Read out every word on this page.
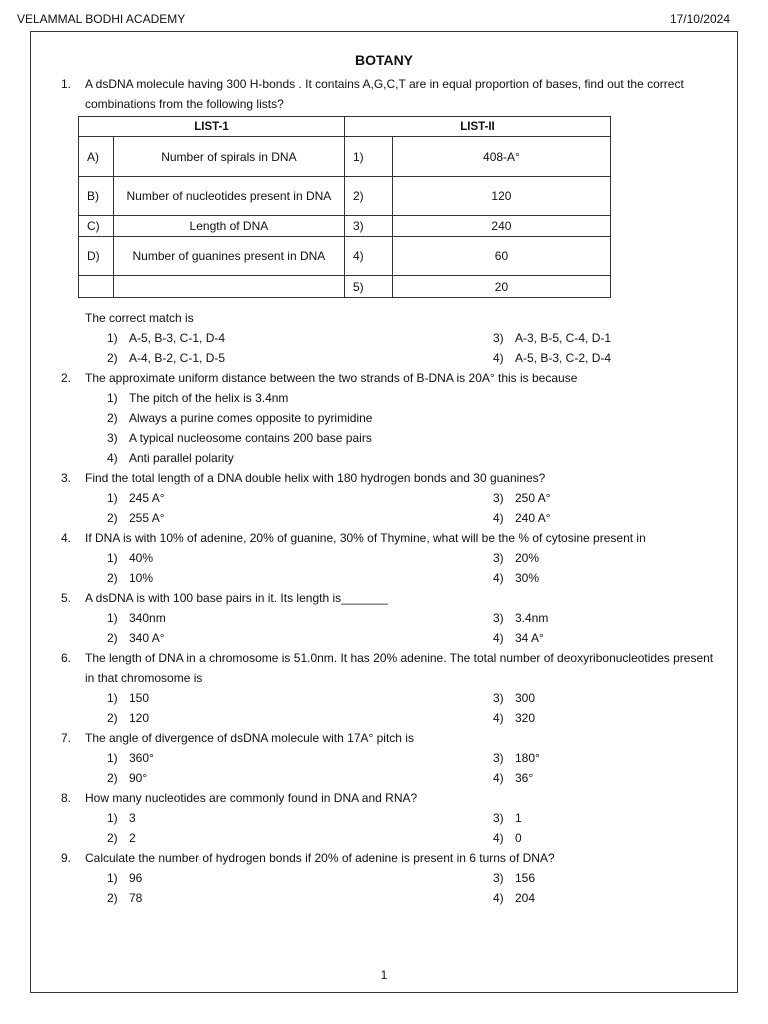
VELAMMAL BODHI ACADEMY	17/10/2024
BOTANY
1. A dsDNA molecule having 300 H-bonds . It contains A,G,C,T are in equal proportion of bases, find out the correct combinations from the following lists?
LIST-1		LIST-II	
A)	Number of spirals in DNA	1)	408-A°
B)	Number of nucleotides present in DNA	2)	120
C)	Length of DNA	3)	240
D)	Number of guanines present in DNA	4)	60
		5)	20
The correct match is
1) A-5, B-3, C-1, D-4	3) A-3, B-5, C-4, D-1
2) A-4, B-2, C-1, D-5	4) A-5, B-3, C-2, D-4
2. The approximate uniform distance between the two strands of B-DNA is 20A° this is because
1) The pitch of the helix is 3.4nm
2) Always a purine comes opposite to pyrimidine
3) A typical nucleosome contains 200 base pairs
4) Anti parallel polarity
3. Find the total length of a DNA double helix with 180 hydrogen bonds and 30 guanines?
1) 245 A°	3) 250 A°
2) 255 A°	4) 240 A°
4. If DNA is with 10% of adenine, 20% of guanine, 30% of Thymine, what will be the % of cytosine present in
1) 40%	3) 20%
2) 10%	4) 30%
5. A dsDNA is with 100 base pairs in it. Its length is_______
1) 340nm	3) 3.4nm
2) 340 A°	4) 34 A°
6. The length of DNA in a chromosome is 51.0nm. It has 20% adenine. The total number of deoxyribonucleotides present in that chromosome is
1) 150	3) 300
2) 120	4) 320
7. The angle of divergence of dsDNA molecule with 17A° pitch is
1) 360°	3) 180°
2) 90°	4) 36°
8. How many nucleotides are commonly found in DNA and RNA?
1) 3	3) 1
2) 2	4) 0
9. Calculate the number of hydrogen bonds if 20% of adenine is present in 6 turns of DNA?
1) 96	3) 156
2) 78	4) 204
1
